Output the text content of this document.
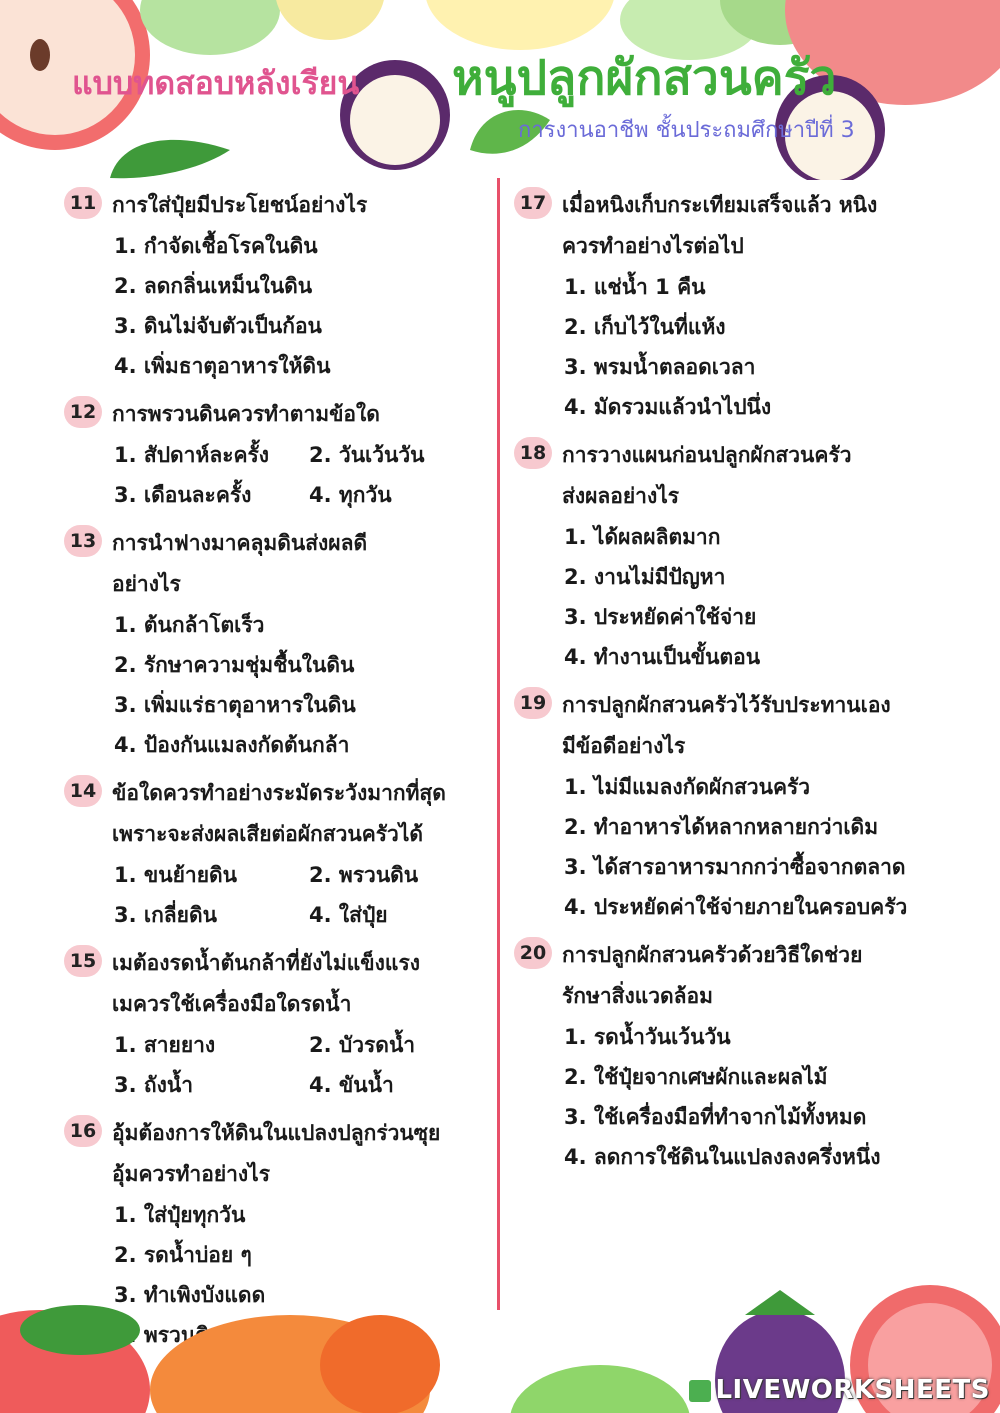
แบบทดสอบหลังเรียน หนูปลูกผักสวนครัว
การงานอาชีพ ชั้นประถมศึกษาปีที่ 3
11 การใส่ปุ๋ยมีประโยชน์อย่างไร
1. กำจัดเชื้อโรคในดิน
2. ลดกลิ่นเหม็นในดิน
3. ดินไม่จับตัวเป็นก้อน
4. เพิ่มธาตุอาหารให้ดิน
12 การพรวนดินควรทำตามข้อใด
1. สัปดาห์ละครั้ง	2. วันเว้นวัน
3. เดือนละครั้ง	4. ทุกวัน
13 การนำฟางมาคลุมดินส่งผลดี
อย่างไร
1. ต้นกล้าโตเร็ว
2. รักษาความชุ่มชื้นในดิน
3. เพิ่มแร่ธาตุอาหารในดิน
4. ป้องกันแมลงกัดต้นกล้า
14 ข้อใดควรทำอย่างระมัดระวังมากที่สุด
เพราะจะส่งผลเสียต่อผักสวนครัวได้
1. ขนย้ายดิน	2. พรวนดิน
3. เกลี่ยดิน	4. ใส่ปุ๋ย
15 เมต้องรดน้ำต้นกล้าที่ยังไม่แข็งแรง
เมควรใช้เครื่องมือใดรดน้ำ
1. สายยาง	2. บัวรดน้ำ
3. ถังน้ำ	4. ขันน้ำ
16 อุ้มต้องการให้ดินในแปลงปลูกร่วนซุย
อุ้มควรทำอย่างไร
1. ใส่ปุ๋ยทุกวัน
2. รดน้ำบ่อย ๆ
3. ทำเพิงบังแดด
17 เมื่อหนิงเก็บกระเทียมเสร็จแล้ว หนิง
ควรทำอย่างไรต่อไป
1. แช่น้ำ 1 คืน
2. เก็บไว้ในที่แห้ง
3. พรมน้ำตลอดเวลา
4. มัดรวมแล้วนำไปนึ่ง
18 การวางแผนก่อนปลูกผักสวนครัว
ส่งผลอย่างไร
1. ได้ผลผลิตมาก
2. งานไม่มีปัญหา
3. ประหยัดค่าใช้จ่าย
4. ทำงานเป็นขั้นตอน
19 การปลูกผักสวนครัวไว้รับประทานเอง
มีข้อดีอย่างไร
1. ไม่มีแมลงกัดผักสวนครัว
2. ทำอาหารได้หลากหลายกว่าเดิม
3. ได้สารอาหารมากกว่าซื้อจากตลาด
4. ประหยัดค่าใช้จ่ายภายในครอบครัว
20 การปลูกผักสวนครัวด้วยวิธีใดช่วย
รักษาสิ่งแวดล้อม
1. รดน้ำวันเว้นวัน
2. ใช้ปุ๋ยจากเศษผักและผลไม้
3. ใช้เครื่องมือที่ทำจากไม้ทั้งหมด
4. ลดการใช้ดินในแปลงลงครึ่งหนึ่ง
LIVEWORKSHEETS
